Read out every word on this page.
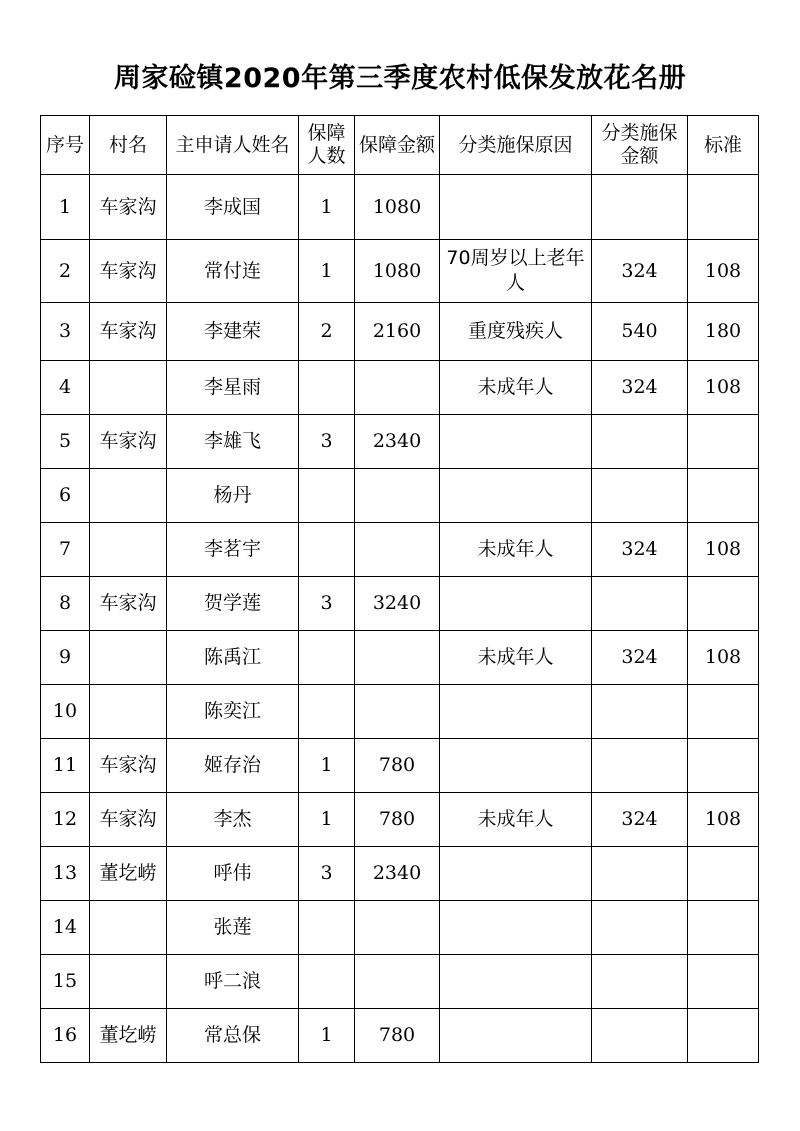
周家硷镇2020年第三季度农村低保发放花名册
序号	村名	主申请人姓名	保障人数	保障金额	分类施保原因	分类施保金额	标准
1	车家沟	李成国	1	1080			
2	车家沟	常付连	1	1080	70周岁以上老年人	324	108
3	车家沟	李建荣	2	2160	重度残疾人	540	180
4		李星雨			未成年人	324	108
5	车家沟	李雄飞	3	2340			
6		杨丹					
7		李茗宇			未成年人	324	108
8	车家沟	贺学莲	3	3240			
9		陈禹江			未成年人	324	108
10		陈奕江					
11	车家沟	姬存治	1	780			
12	车家沟	李杰	1	780	未成年人	324	108
13	董圪崂	呼伟	3	2340			
14		张莲					
15		呼二浪					
16	董圪崂	常总保	1	780			
